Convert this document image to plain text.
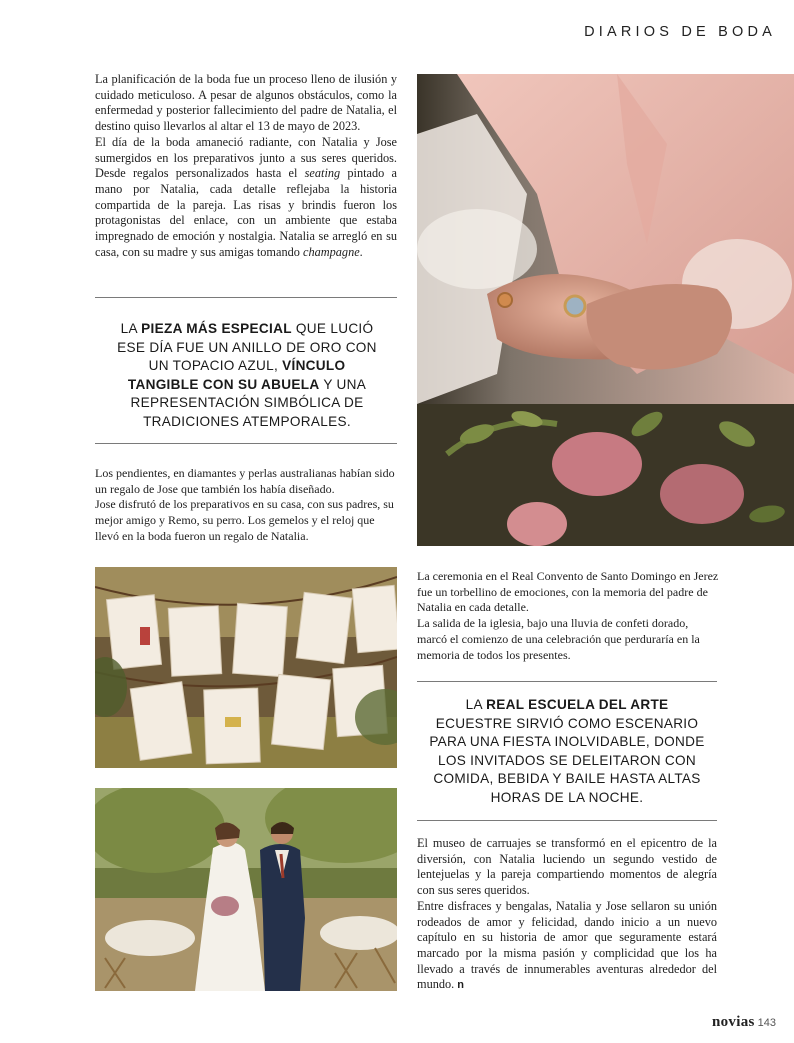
DIARIOS DE BODA

La planificación de la boda fue un proceso lleno de ilusión y cuidado meticuloso. A pesar de algunos obstáculos, como la enfermedad y posterior fallecimiento del padre de Natalia, el destino quiso llevarlos al altar el 13 de mayo de 2023.

El día de la boda amaneció radiante, con Natalia y Jose sumergidos en los preparativos junto a sus seres queridos. Desde regalos personalizados hasta el seating pintado a mano por Natalia, cada detalle reflejaba la historia compartida de la pareja. Las risas y brindis fueron los protagonistas del enlace, con un ambiente que estaba impregnado de emoción y nostalgia. Natalia se arregló en su casa, con su madre y sus amigas tomando champagne.

LA PIEZA MÁS ESPECIAL QUE LUCIÓ ESE DÍA FUE UN ANILLO DE ORO CON UN TOPACIO AZUL, VÍNCULO TANGIBLE CON SU ABUELA Y UNA REPRESENTACIÓN SIMBÓLICA DE TRADICIONES ATEMPORALES.

Los pendientes, en diamantes y perlas australianas habían sido un regalo de Jose que también los había diseñado.

Jose disfrutó de los preparativos en su casa, con sus padres, su mejor amigo y Remo, su perro. Los gemelos y el reloj que llevó en la boda fueron un regalo de Natalia.

La ceremonia en el Real Convento de Santo Domingo en Jerez fue un torbellino de emociones, con la memoria del padre de Natalia en cada detalle.

La salida de la iglesia, bajo una lluvia de confeti dorado, marcó el comienzo de una celebración que perduraría en la memoria de todos los presentes.

LA REAL ESCUELA DEL ARTE ECUESTRE SIRVIÓ COMO ESCENARIO PARA UNA FIESTA INOLVIDABLE, DONDE LOS INVITADOS SE DELEITARON CON COMIDA, BEBIDA Y BAILE HASTA ALTAS HORAS DE LA NOCHE.

El museo de carruajes se transformó en el epicentro de la diversión, con Natalia luciendo un segundo vestido de lentejuelas y la pareja compartiendo momentos de alegría con sus seres queridos.

Entre disfraces y bengalas, Natalia y Jose sellaron su unión rodeados de amor y felicidad, dando inicio a un nuevo capítulo en su historia de amor que seguramente estará marcado por la misma pasión y complicidad que los ha llevado a través de innumerables aventuras alrededor del mundo. n

novias 143
